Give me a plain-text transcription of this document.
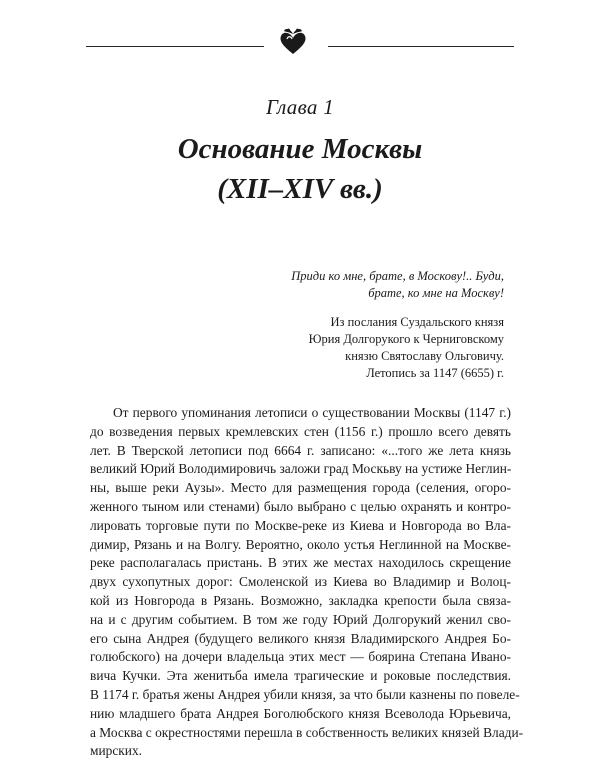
Глава 1
Основание Москвы
(XII–XIV вв.)

Приди ко мне, брате, в Москову!.. Буди,
брате, ко мне на Москву!

Из послания Суздальского князя
Юрия Долгорукого к Черниговскому
князю Святославу Ольговичу.
Летопись за 1147 (6655) г.

От первого упоминания летописи о существовании Москвы (1147 г.)
до возведения первых кремлевских стен (1156 г.) прошло всего девять
лет. В Тверской летописи под 6664 г. записано: «...того же лета князь
великий Юрий Володимировичь заложи град Москьву на устиже Неглин-
ны, выше реки Аузы». Место для размещения города (селения, огоро-
женного тыном или стенами) было выбрано с целью охранять и контро-
лировать торговые пути по Москве-реке из Киева и Новгорода во Вла-
димир, Рязань и на Волгу. Вероятно, около устья Неглинной на Москве-
реке располагалась пристань. В этих же местах находилось скрещение
двух сухопутных дорог: Смоленской из Киева во Владимир и Волоц-
кой из Новгорода в Рязань. Возможно, закладка крепости была связа-
на и с другим событием. В том же году Юрий Долгорукий женил сво-
его сына Андрея (будущего великого князя Владимирского Андрея Бо-
голюбского) на дочери владельца этих мест — боярина Степана Ивано-
вича Кучки. Эта женитьба имела трагические и роковые последствия.
В 1174 г. братья жены Андрея убили князя, за что были казнены по повеле-
нию младшего брата Андрея Боголюбского князя Всеволода Юрьевича,
а Москва с окрестностями перешла в собственность великих князей Влади-
мирских.
